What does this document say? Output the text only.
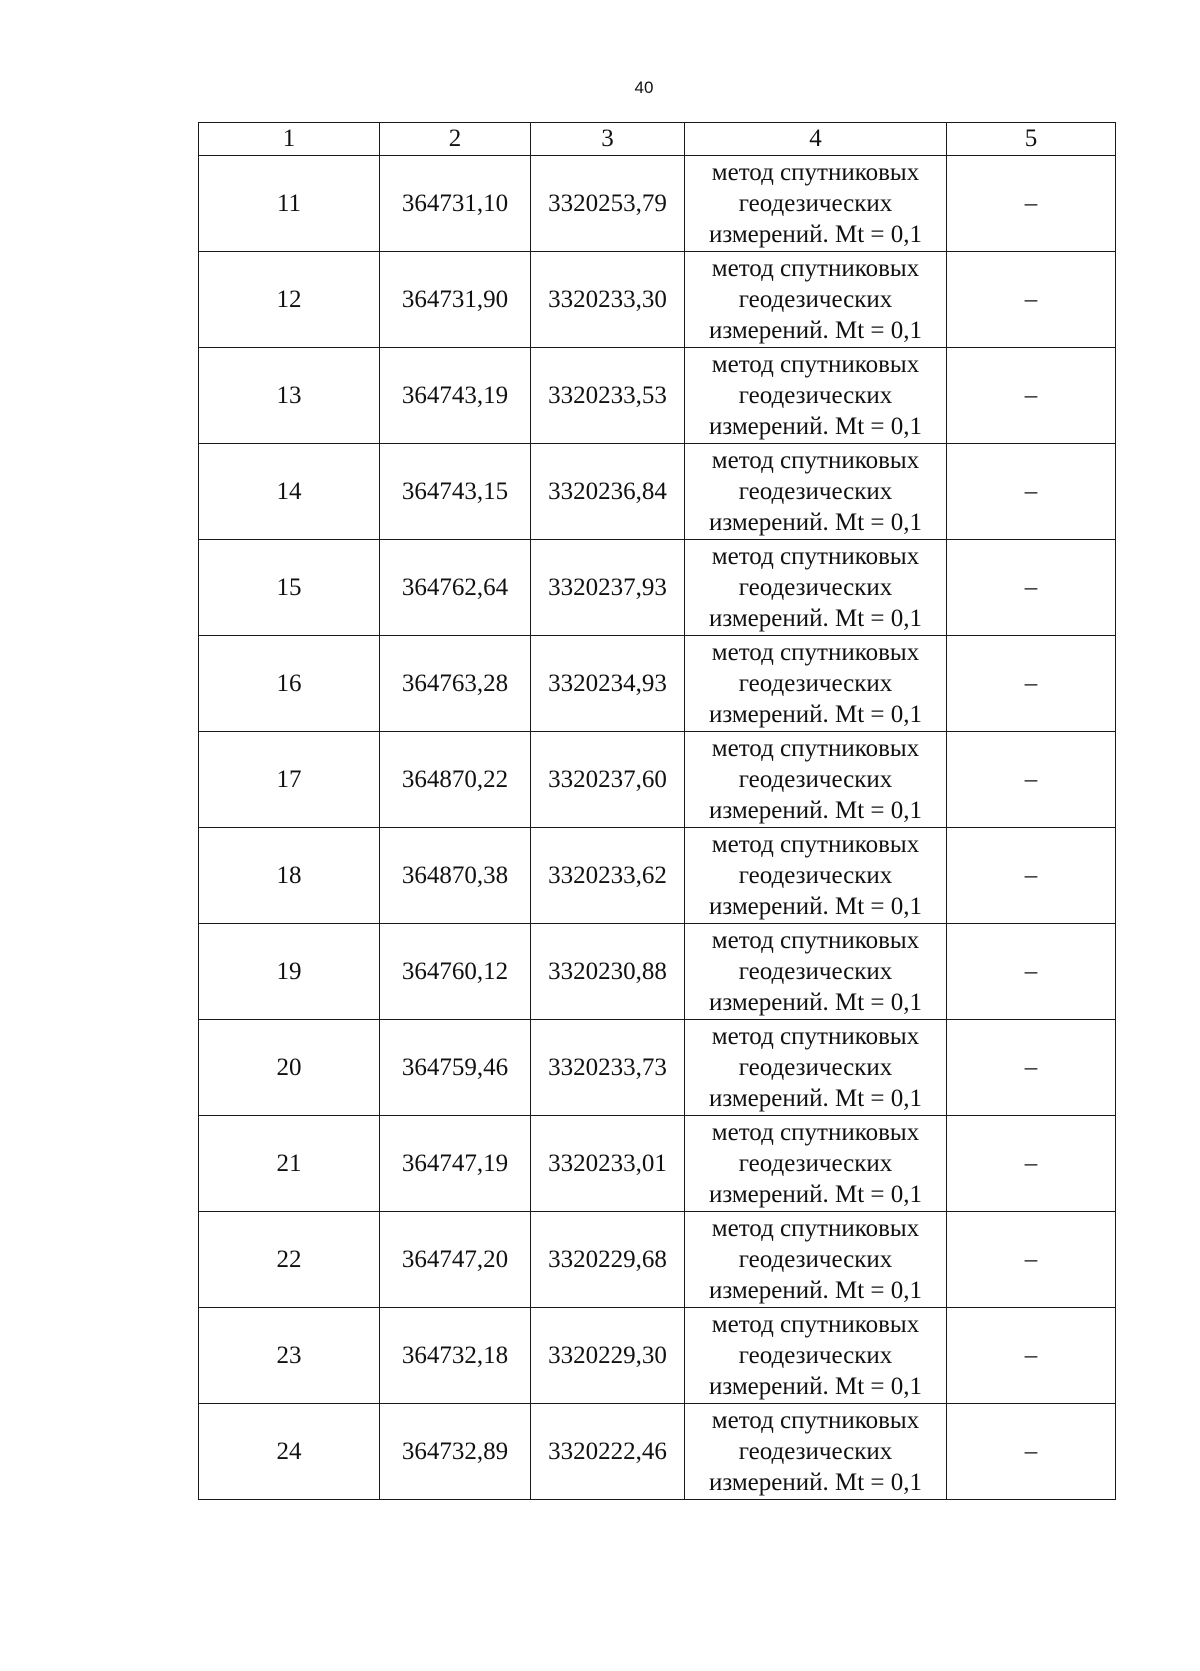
40
1	2	3	4	5
11	364731,10	3320253,79	метод спутниковых
геодезических
измерений. Mt = 0,1	–
12	364731,90	3320233,30	метод спутниковых
геодезических
измерений. Mt = 0,1	–
13	364743,19	3320233,53	метод спутниковых
геодезических
измерений. Mt = 0,1	–
14	364743,15	3320236,84	метод спутниковых
геодезических
измерений. Mt = 0,1	–
15	364762,64	3320237,93	метод спутниковых
геодезических
измерений. Mt = 0,1	–
16	364763,28	3320234,93	метод спутниковых
геодезических
измерений. Mt = 0,1	–
17	364870,22	3320237,60	метод спутниковых
геодезических
измерений. Mt = 0,1	–
18	364870,38	3320233,62	метод спутниковых
геодезических
измерений. Mt = 0,1	–
19	364760,12	3320230,88	метод спутниковых
геодезических
измерений. Mt = 0,1	–
20	364759,46	3320233,73	метод спутниковых
геодезических
измерений. Mt = 0,1	–
21	364747,19	3320233,01	метод спутниковых
геодезических
измерений. Mt = 0,1	–
22	364747,20	3320229,68	метод спутниковых
геодезических
измерений. Mt = 0,1	–
23	364732,18	3320229,30	метод спутниковых
геодезических
измерений. Mt = 0,1	–
24	364732,89	3320222,46	метод спутниковых
геодезических
измерений. Mt = 0,1	–
